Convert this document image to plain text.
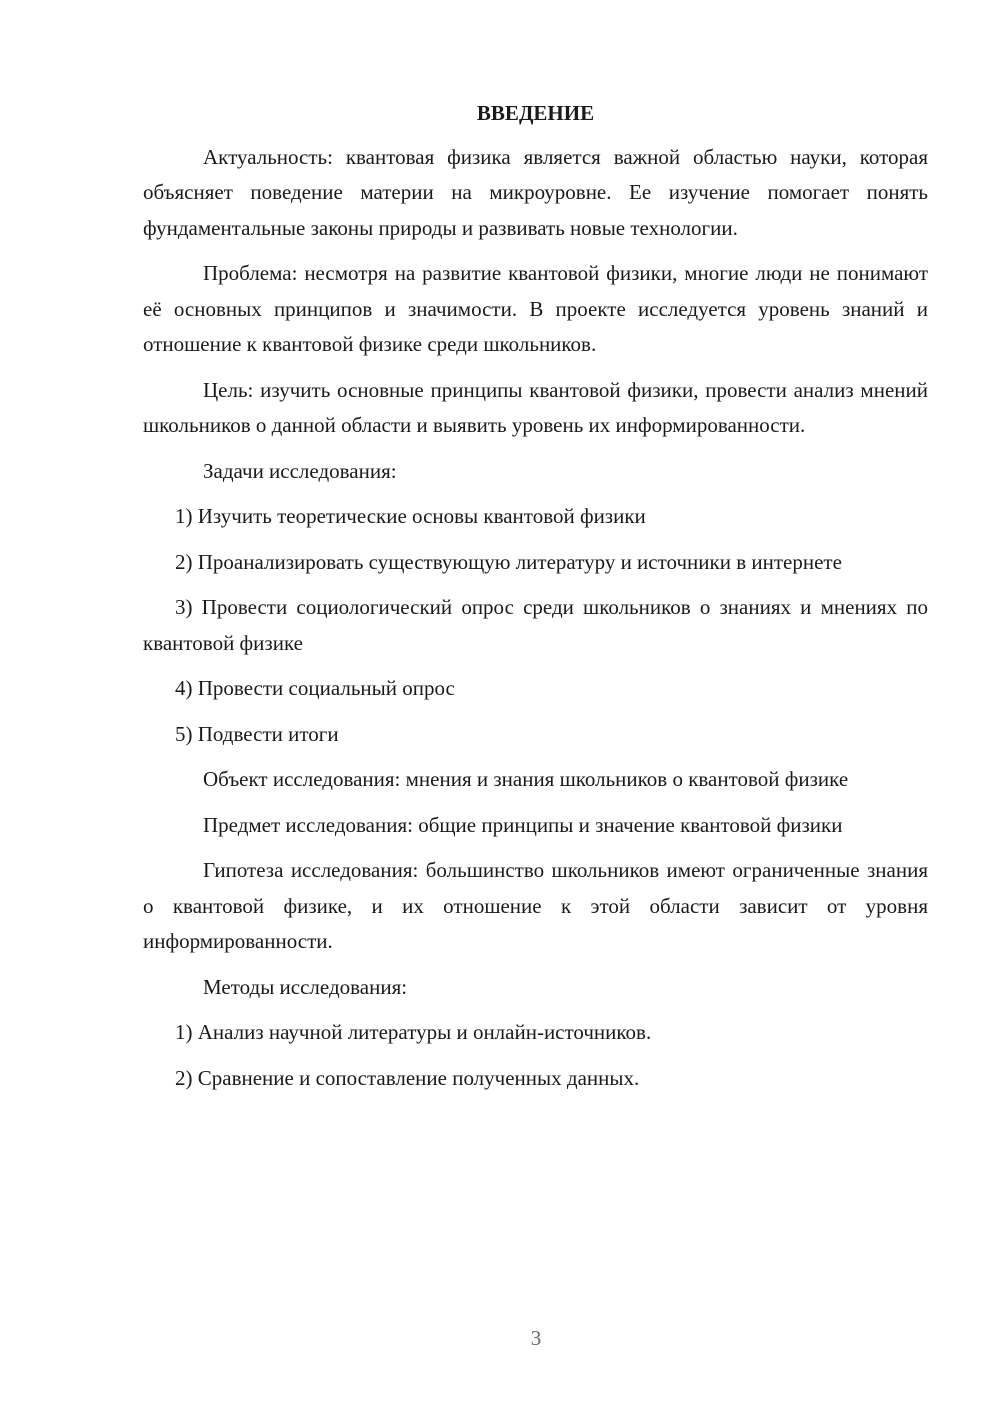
ВВЕДЕНИЕ

Актуальность: квантовая физика является важной областью науки, которая объясняет поведение материи на микроуровне. Ее изучение помогает понять фундаментальные законы природы и развивать новые технологии.

Проблема: несмотря на развитие квантовой физики, многие люди не понимают её основных принципов и значимости. В проекте исследуется уровень знаний и отношение к квантовой физике среди школьников.

Цель: изучить основные принципы квантовой физики, провести анализ мнений школьников о данной области и выявить уровень их информированности.

Задачи исследования:

1) Изучить теоретические основы квантовой физики

2) Проанализировать существующую литературу и источники в интернете

3) Провести социологический опрос среди школьников о знаниях и мнениях по квантовой физике

4) Провести социальный опрос

5) Подвести итоги

Объект исследования: мнения и знания школьников о квантовой физике

Предмет исследования: общие принципы и значение квантовой физики

Гипотеза исследования: большинство школьников имеют ограниченные знания о квантовой физике, и их отношение к этой области зависит от уровня информированности.

Методы исследования:

1) Анализ научной литературы и онлайн-источников.

2) Сравнение и сопоставление полученных данных.

3
